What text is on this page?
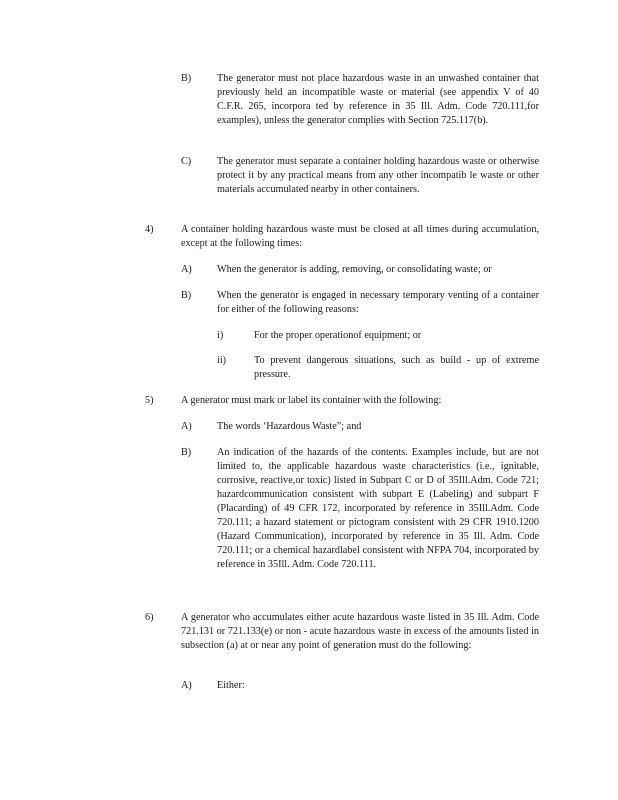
B)	The generator must not place hazardous waste in an unwashed container that previously held an incompatible waste or material (see appendix V of 40 C.F.R. 265, incorpora ted by reference in 35 Ill. Adm. Code 720.111,for examples), unless the generator complies with Section 725.117(b).
C)	The generator must separate a container holding hazardous waste or otherwise protect it by any practical means from any other incompatib le waste or other materials accumulated nearby in other containers.
4)	A container holding hazardous waste must be closed at all times during accumulation, except at the following times:
A)	When the generator is adding, removing, or consolidating waste; or
B)	When the generator is engaged in necessary temporary venting of a container for either of the following reasons:
i)	For the proper operationof equipment; or
ii)	To prevent dangerous situations, such as build - up of extreme pressure.
5)	A generator must mark or label its container with the following:
A)	The words ‘Hazardous Waste”; and
B)	An indication of the hazards of the contents. Examples include, but are not limited to, the applicable hazardous waste characteristics (i.e., ignitable, corrosive, reactive,or toxic) listed in Subpart C or D of 35Ill.Adm. Code 721; hazardcommunication consistent with subpart E (Labeling) and subpart F (Placarding) of 49 CFR 172, incorporated by reference in 35Ill.Adm. Code 720.111; a hazard statement or pictogram consistent with 29 CFR 1910.1200 (Hazard Communication), incorporated by reference in 35 Ill. Adm. Code 720.111; or a chemical hazardlabel consistent with NFPA 704, incorporated by reference in 35Ill. Adm. Code 720.111.
6)	A generator who accumulates either acute hazardous waste listed in 35 Ill. Adm. Code 721.131 or 721.133(e) or non - acute hazardous waste in excess of the amounts listed in subsection (a) at or near any point of generation must do the following:
A)	Either:
